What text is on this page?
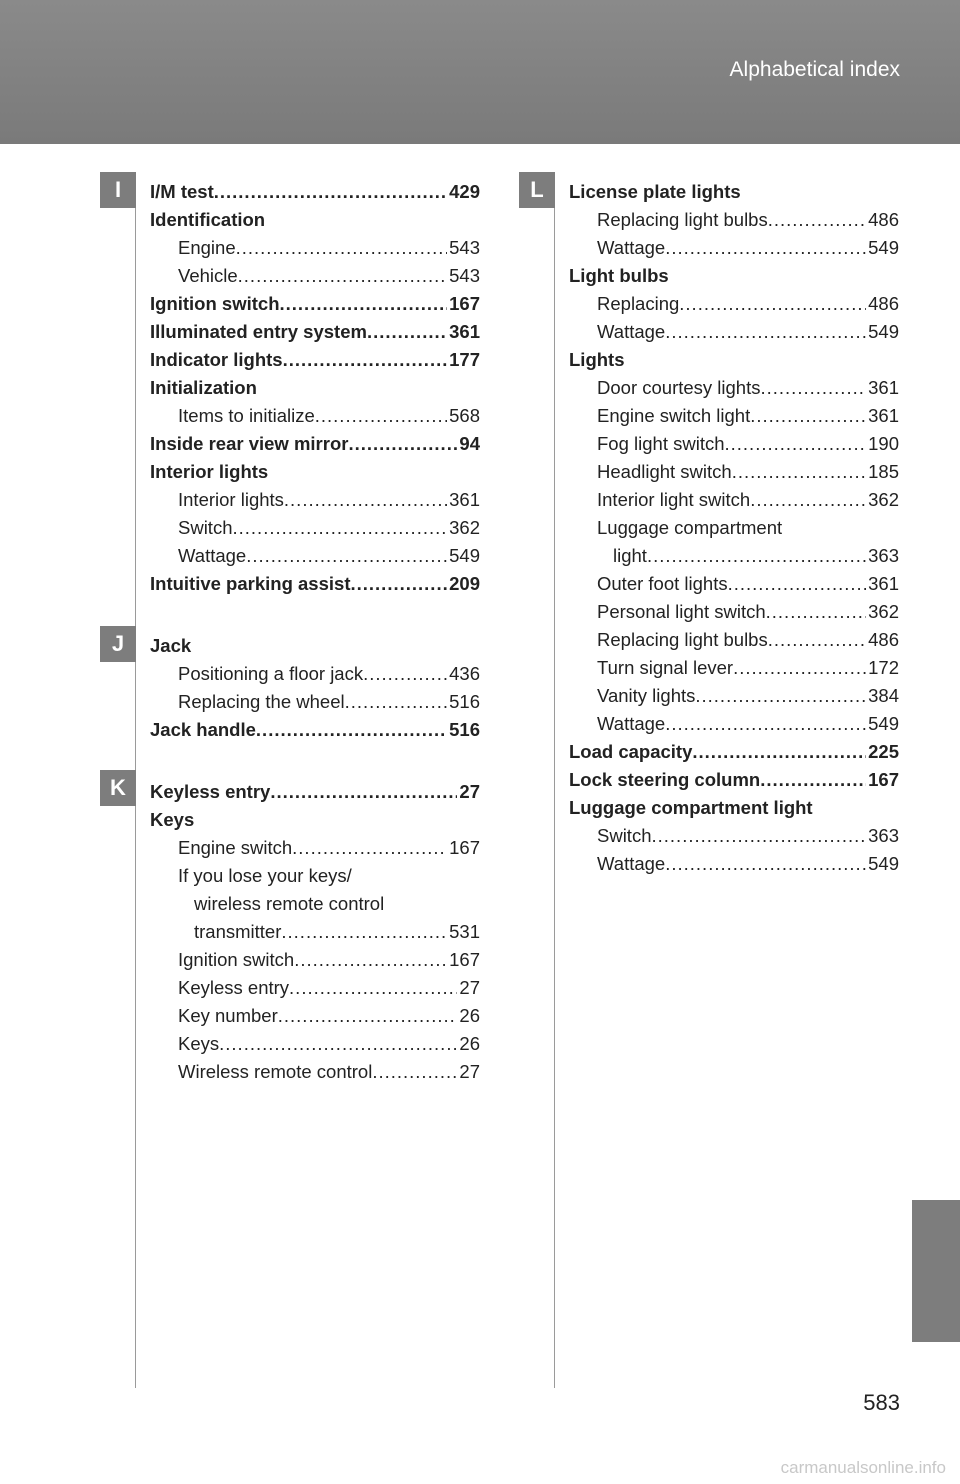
Alphabetical index
I
J
K
L
I/M test .....	429
Identification
Engine .....	543
Vehicle .....	543
Ignition switch .....	167
Illuminated entry system .....	361
Indicator lights .....	177
Initialization
Items to initialize .....	568
Inside rear view mirror .....	94
Interior lights
Interior lights .....	361
Switch .....	362
Wattage .....	549
Intuitive parking assist .....	209
Jack
Positioning a floor jack .....	436
Replacing the wheel .....	516
Jack handle .....	516
Keyless entry .....	27
Keys
Engine switch .....	167
If you lose your keys/
wireless remote control
transmitter .....	531
Ignition switch .....	167
Keyless entry .....	27
Key number .....	26
Keys .....	26
Wireless remote control .....	27
License plate lights
Replacing light bulbs .....	486
Wattage .....	549
Light bulbs
Replacing .....	486
Wattage .....	549
Lights
Door courtesy lights .....	361
Engine switch light .....	361
Fog light switch .....	190
Headlight switch .....	185
Interior light switch .....	362
Luggage compartment
light .....	363
Outer foot lights .....	361
Personal light switch .....	362
Replacing light bulbs .....	486
Turn signal lever .....	172
Vanity lights .....	384
Wattage .....	549
Load capacity .....	225
Lock steering column .....	167
Luggage compartment light
Switch .....	363
Wattage .....	549
583
carmanualsonline.info
